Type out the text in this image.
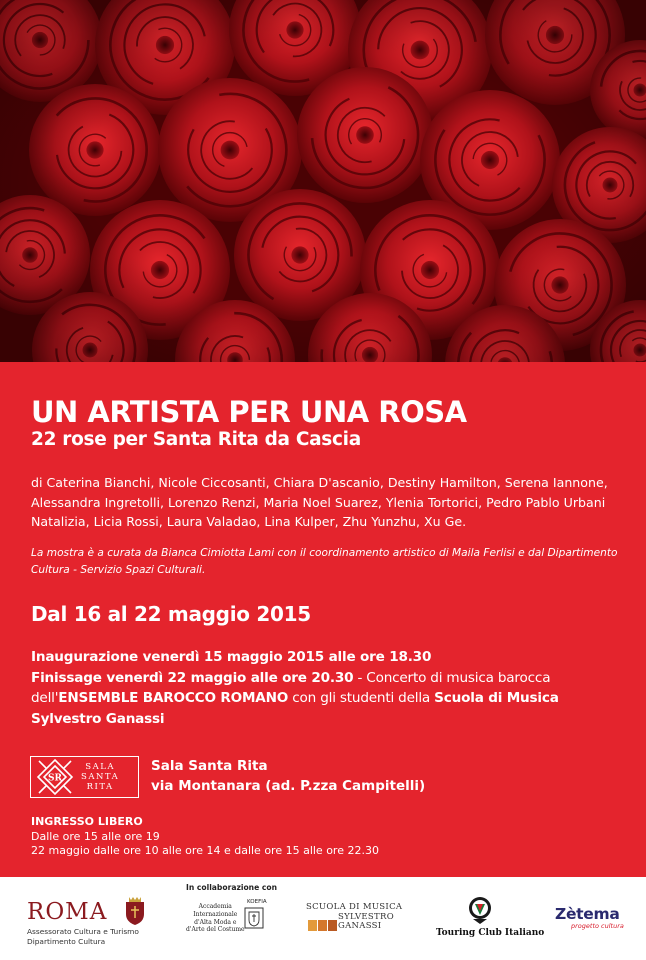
UN ARTISTA PER UNA ROSA
22 rose per Santa Rita da Cascia
di Caterina Bianchi, Nicole Ciccosanti, Chiara D'ascanio, Destiny Hamilton, Serena Iannone, Alessandra Ingretolli, Lorenzo Renzi, Maria Noel Suarez, Ylenia Tortorici, Pedro Pablo Urbani Natalizia, Licia Rossi, Laura Valadao, Lina Kulper, Zhu Yunzhu, Xu Ge.
La mostra è a curata da Bianca Cimiotta Lami con il coordinamento artistico di Maila Ferlisi e dal Dipartimento Cultura - Servizio Spazi Culturali.
Dal 16 al 22 maggio 2015
Inaugurazione venerdì 15 maggio 2015 alle ore 18.30
Finissage venerdì 22 maggio alle ore 20.30 - Concerto di musica barocca dell'ENSEMBLE BAROCCO ROMANO con gli studenti della Scuola di Musica Sylvestro Ganassi
SR
SALA
SANTA
RITA
Sala Santa Rita
via Montanara (ad. P.zza Campitelli)
INGRESSO LIBERO
Dalle ore 15 alle ore 19
22 maggio dalle ore 10 alle ore 14 e dalle ore 15 alle ore 22.30
In collaborazione con
ROMA
Assessorato Cultura e Turismo
Dipartimento Cultura
Accademia
Internazionale
d'Alta Moda e
d'Arte del Costume
KOEFIA	SCUOLA DI MUSICA
SYLVESTRO
GANASSI
Touring Club Italiano
Zètema
progetto cultura
